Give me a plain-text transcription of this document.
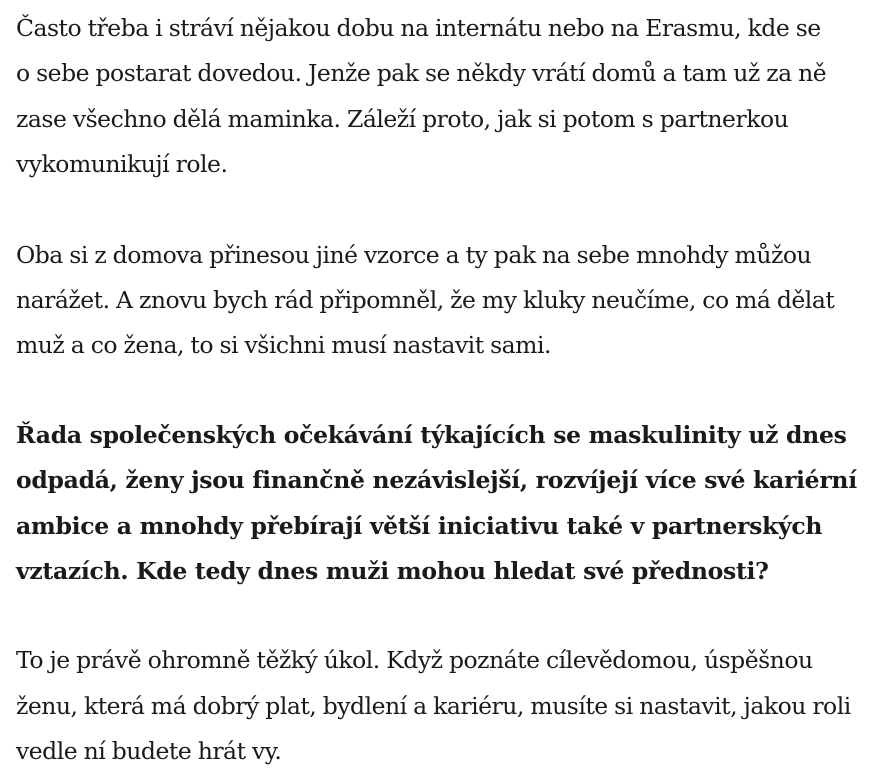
Často třeba i stráví nějakou dobu na internátu nebo na Erasmu, kde se
o sebe postarat dovedou. Jenže pak se někdy vrátí domů a tam už za ně
zase všechno dělá maminka. Záleží proto, jak si potom s partnerkou
vykomunikují role.

Oba si z domova přinesou jiné vzorce a ty pak na sebe mnohdy můžou
narážet. A znovu bych rád připomněl, že my kluky neučíme, co má dělat
muž a co žena, to si všichni musí nastavit sami.

Řada společenských očekávání týkajících se maskulinity už dnes
odpadá, ženy jsou finančně nezávislejší, rozvíjejí více své kariérní
ambice a mnohdy přebírají větší iniciativu také v partnerských
vztazích. Kde tedy dnes muži mohou hledat své přednosti?

To je právě ohromně těžký úkol. Když poznáte cílevědomou, úspěšnou
ženu, která má dobrý plat, bydlení a kariéru, musíte si nastavit, jakou roli
vedle ní budete hrát vy.
